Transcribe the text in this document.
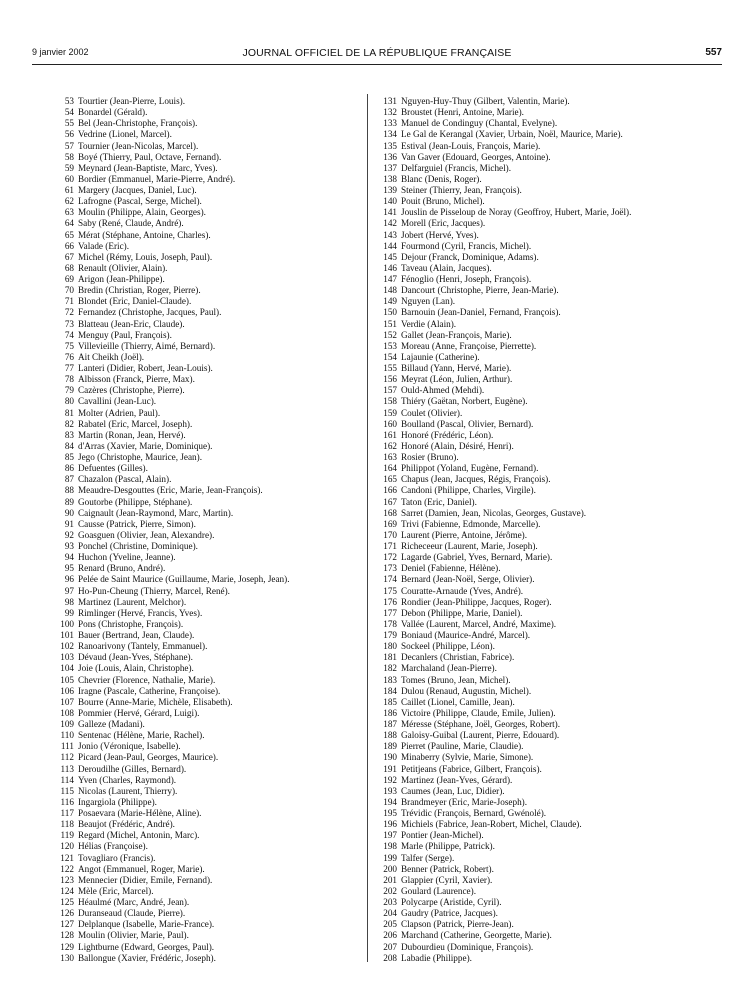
9 janvier 2002	JOURNAL OFFICIEL DE LA RÉPUBLIQUE FRANÇAISE	557
53 Tourtier (Jean-Pierre, Louis).
54 Bonardel (Gérald).
55 Bel (Jean-Christophe, François).
56 Vedrine (Lionel, Marcel).
57 Tournier (Jean-Nicolas, Marcel).
58 Boyé (Thierry, Paul, Octave, Fernand).
59 Meynard (Jean-Baptiste, Marc, Yves).
60 Bordier (Emmanuel, Marie-Pierre, André).
61 Margery (Jacques, Daniel, Luc).
62 Lafrogne (Pascal, Serge, Michel).
63 Moulin (Philippe, Alain, Georges).
64 Saby (René, Claude, André).
65 Mérat (Stéphane, Antoine, Charles).
66 Valade (Eric).
67 Michel (Rémy, Louis, Joseph, Paul).
68 Renault (Olivier, Alain).
69 Arigon (Jean-Philippe).
70 Bredin (Christian, Roger, Pierre).
71 Blondet (Eric, Daniel-Claude).
72 Fernandez (Christophe, Jacques, Paul).
73 Blatteau (Jean-Eric, Claude).
74 Menguy (Paul, François).
75 Villevieille (Thierry, Aimé, Bernard).
76 Ait Cheikh (Joël).
77 Lanteri (Didier, Robert, Jean-Louis).
78 Albisson (Franck, Pierre, Max).
79 Cazères (Christophe, Pierre).
80 Cavallini (Jean-Luc).
81 Molter (Adrien, Paul).
82 Rabatel (Eric, Marcel, Joseph).
83 Martin (Ronan, Jean, Hervé).
84 d'Arras (Xavier, Marie, Dominique).
85 Jego (Christophe, Maurice, Jean).
86 Defuentes (Gilles).
87 Chazalon (Pascal, Alain).
88 Meaudre-Desgouttes (Eric, Marie, Jean-François).
89 Goutorbe (Philippe, Stéphane).
90 Caignault (Jean-Raymond, Marc, Martin).
91 Causse (Patrick, Pierre, Simon).
92 Goasguen (Olivier, Jean, Alexandre).
93 Ponchel (Christine, Dominique).
94 Huchon (Yveline, Jeanne).
95 Renard (Bruno, André).
96 Pelée de Saint Maurice (Guillaume, Marie, Joseph, Jean).
97 Ho-Pun-Cheung (Thierry, Marcel, René).
98 Martinez (Laurent, Melchor).
99 Rimlinger (Hervé, Francis, Yves).
100 Pons (Christophe, François).
101 Bauer (Bertrand, Jean, Claude).
102 Ranoarivony (Tantely, Emmanuel).
103 Dévaud (Jean-Yves, Stéphane).
104 Joie (Louis, Alain, Christophe).
105 Chevrier (Florence, Nathalie, Marie).
106 Iragne (Pascale, Catherine, Françoise).
107 Bourre (Anne-Marie, Michèle, Elisabeth).
108 Pommier (Hervé, Gérard, Luigi).
109 Galleze (Madani).
110 Sentenac (Hélène, Marie, Rachel).
111 Jonio (Véronique, Isabelle).
112 Picard (Jean-Paul, Georges, Maurice).
113 Deroudilhe (Gilles, Bernard).
114 Yven (Charles, Raymond).
115 Nicolas (Laurent, Thierry).
116 Ingargiola (Philippe).
117 Posaevara (Marie-Hélène, Aline).
118 Beaujot (Frédéric, André).
119 Regard (Michel, Antonin, Marc).
120 Hélias (Françoise).
121 Tovagliaro (Francis).
122 Angot (Emmanuel, Roger, Marie).
123 Mennecier (Didier, Emile, Fernand).
124 Mèle (Eric, Marcel).
125 Héaulmé (Marc, André, Jean).
126 Duranseaud (Claude, Pierre).
127 Delplanque (Isabelle, Marie-France).
128 Moulin (Olivier, Marie, Paul).
129 Lightburne (Edward, Georges, Paul).
130 Ballongue (Xavier, Frédéric, Joseph).
131 Nguyen-Huy-Thuy (Gilbert, Valentin, Marie).
132 Broustet (Henri, Antoine, Marie).
133 Manuel de Condinguy (Chantal, Evelyne).
134 Le Gal de Kerangal (Xavier, Urbain, Noël, Maurice, Marie).
135 Estival (Jean-Louis, François, Marie).
136 Van Gaver (Edouard, Georges, Antoine).
137 Delfarguiel (Francis, Michel).
138 Blanc (Denis, Roger).
139 Steiner (Thierry, Jean, François).
140 Pouit (Bruno, Michel).
141 Jouslin de Pisseloup de Noray (Geoffroy, Hubert, Marie, Joël).
142 Morell (Eric, Jacques).
143 Jobert (Hervé, Yves).
144 Fourmond (Cyril, Francis, Michel).
145 Dejour (Franck, Dominique, Adams).
146 Taveau (Alain, Jacques).
147 Fénoglio (Henri, Joseph, François).
148 Dancourt (Christophe, Pierre, Jean-Marie).
149 Nguyen (Lan).
150 Barnouin (Jean-Daniel, Fernand, François).
151 Verdie (Alain).
152 Gallet (Jean-François, Marie).
153 Moreau (Anne, Françoise, Pierrette).
154 Lajaunie (Catherine).
155 Billaud (Yann, Hervé, Marie).
156 Meyrat (Léon, Julien, Arthur).
157 Ould-Ahmed (Mehdi).
158 Thiéry (Gaëtan, Norbert, Eugène).
159 Coulet (Olivier).
160 Boulland (Pascal, Olivier, Bernard).
161 Honoré (Frédéric, Léon).
162 Honoré (Alain, Désiré, Henri).
163 Rosier (Bruno).
164 Philippot (Yoland, Eugène, Fernand).
165 Chapus (Jean, Jacques, Régis, François).
166 Candoni (Philippe, Charles, Virgile).
167 Taton (Eric, Daniel).
168 Sarret (Damien, Jean, Nicolas, Georges, Gustave).
169 Trivi (Fabienne, Edmonde, Marcelle).
170 Laurent (Pierre, Antoine, Jérôme).
171 Richeceeur (Laurent, Marie, Joseph).
172 Lagarde (Gabriel, Yves, Bernard, Marie).
173 Deniel (Fabienne, Hélène).
174 Bernard (Jean-Noël, Serge, Olivier).
175 Couratte-Arnaude (Yves, André).
176 Rondier (Jean-Philippe, Jacques, Roger).
177 Debon (Philippe, Marie, Daniel).
178 Vallée (Laurent, Marcel, André, Maxime).
179 Boniaud (Maurice-André, Marcel).
180 Sockeel (Philippe, Léon).
181 Decanlers (Christian, Fabrice).
182 Marchaland (Jean-Pierre).
183 Tomes (Bruno, Jean, Michel).
184 Dulou (Renaud, Augustin, Michel).
185 Caillet (Lionel, Camille, Jean).
186 Victoire (Philippe, Claude, Emile, Julien).
187 Méresse (Stéphane, Joël, Georges, Robert).
188 Galoisy-Guibal (Laurent, Pierre, Edouard).
189 Pierret (Pauline, Marie, Claudie).
190 Minaberry (Sylvie, Marie, Simone).
191 Petitjeans (Fabrice, Gilbert, François).
192 Martinez (Jean-Yves, Gérard).
193 Caumes (Jean, Luc, Didier).
194 Brandmeyer (Eric, Marie-Joseph).
195 Trévidic (François, Bernard, Gwénolé).
196 Michiels (Fabrice, Jean-Robert, Michel, Claude).
197 Pontier (Jean-Michel).
198 Marle (Philippe, Patrick).
199 Talfer (Serge).
200 Benner (Patrick, Robert).
201 Glappier (Cyril, Xavier).
202 Goulard (Laurence).
203 Polycarpe (Aristide, Cyril).
204 Gaudry (Patrice, Jacques).
205 Clapson (Patrick, Pierre-Jean).
206 Marchand (Catherine, Georgette, Marie).
207 Dubourdieu (Dominique, François).
208 Labadie (Philippe).
